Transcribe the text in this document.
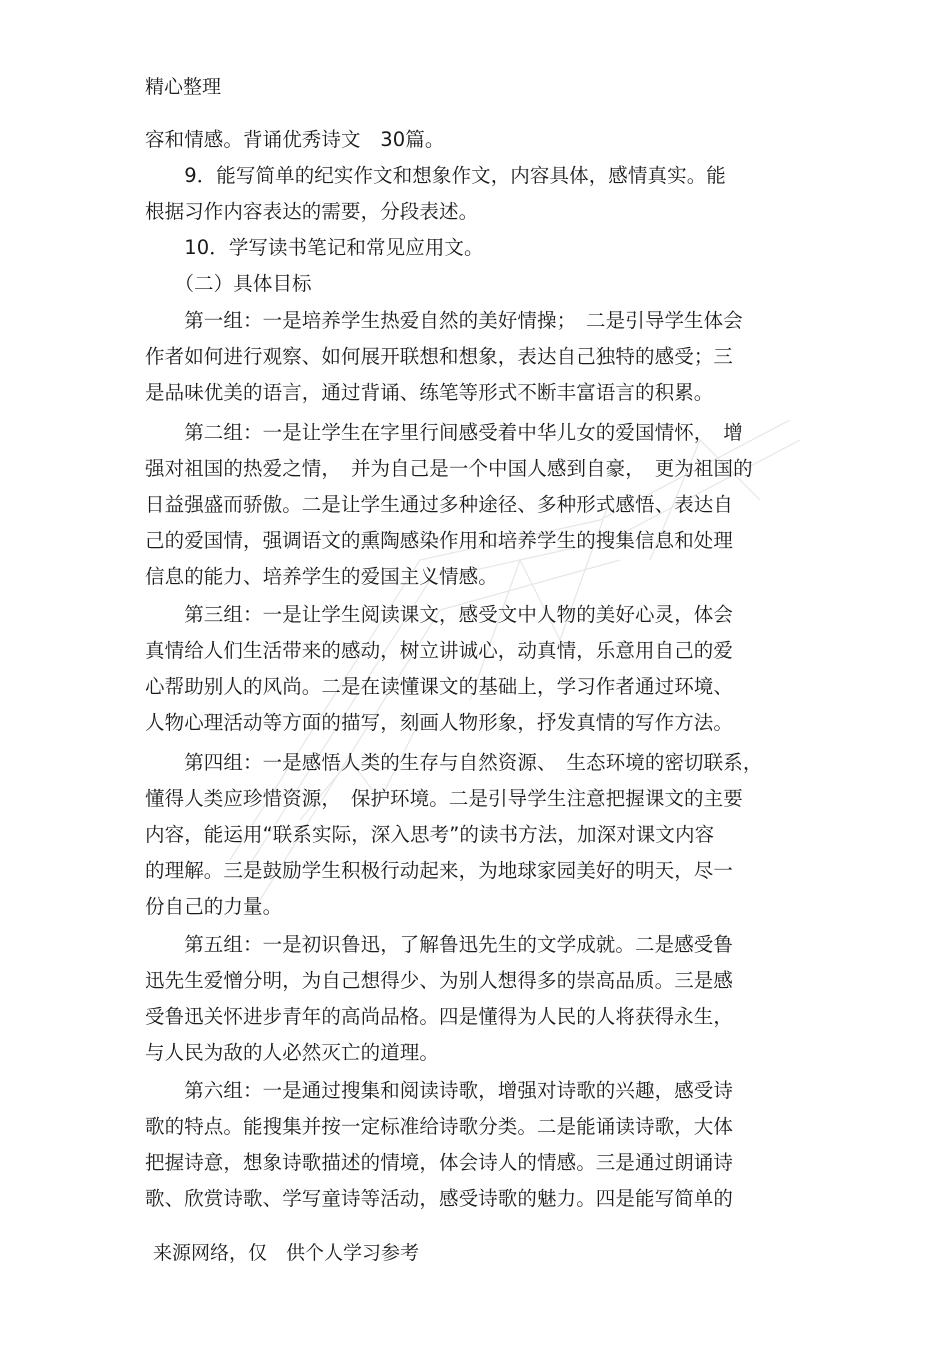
精心整理
容和情感。背诵优秀诗文　30篇。
　　9．能写简单的纪实作文和想象作文，内容具体，感情真实。能
根据习作内容表达的需要，分段表述。
　　10．学写读书笔记和常见应用文。
　　（二）具体目标
　　第一组：一是培养学生热爱自然的美好情操；　二是引导学生体会
作者如何进行观察、如何展开联想和想象，表达自己独特的感受；三
是品味优美的语言，通过背诵、练笔等形式不断丰富语言的积累。
　　第二组：一是让学生在字里行间感受着中华儿女的爱国情怀，　增
强对祖国的热爱之情，　并为自己是一个中国人感到自豪，　更为祖国的
日益强盛而骄傲。二是让学生通过多种途径、多种形式感悟、表达自
己的爱国情，强调语文的熏陶感染作用和培养学生的搜集信息和处理
信息的能力、培养学生的爱国主义情感。
　　第三组：一是让学生阅读课文，感受文中人物的美好心灵，体会
真情给人们生活带来的感动，树立讲诚心，动真情，乐意用自己的爱
心帮助别人的风尚。二是在读懂课文的基础上，学习作者通过环境、
人物心理活动等方面的描写，刻画人物形象，抒发真情的写作方法。
　　第四组：一是感悟人类的生存与自然资源、　生态环境的密切联系，
懂得人类应珍惜资源，　保护环境。二是引导学生注意把握课文的主要
内容，能运用“联系实际，深入思考”的读书方法，加深对课文内容
的理解。三是鼓励学生积极行动起来，为地球家园美好的明天，尽一
份自己的力量。
　　第五组：一是初识鲁迅，了解鲁迅先生的文学成就。二是感受鲁
迅先生爱憎分明，为自己想得少、为别人想得多的崇高品质。三是感
受鲁迅关怀进步青年的高尚品格。四是懂得为人民的人将获得永生，
与人民为敌的人必然灭亡的道理。
　　第六组：一是通过搜集和阅读诗歌，增强对诗歌的兴趣，感受诗
歌的特点。能搜集并按一定标准给诗歌分类。二是能诵读诗歌，大体
把握诗意，想象诗歌描述的情境，体会诗人的情感。三是通过朗诵诗
歌、欣赏诗歌、学写童诗等活动，感受诗歌的魅力。四是能写简单的
来源网络，仅　供个人学习参考
